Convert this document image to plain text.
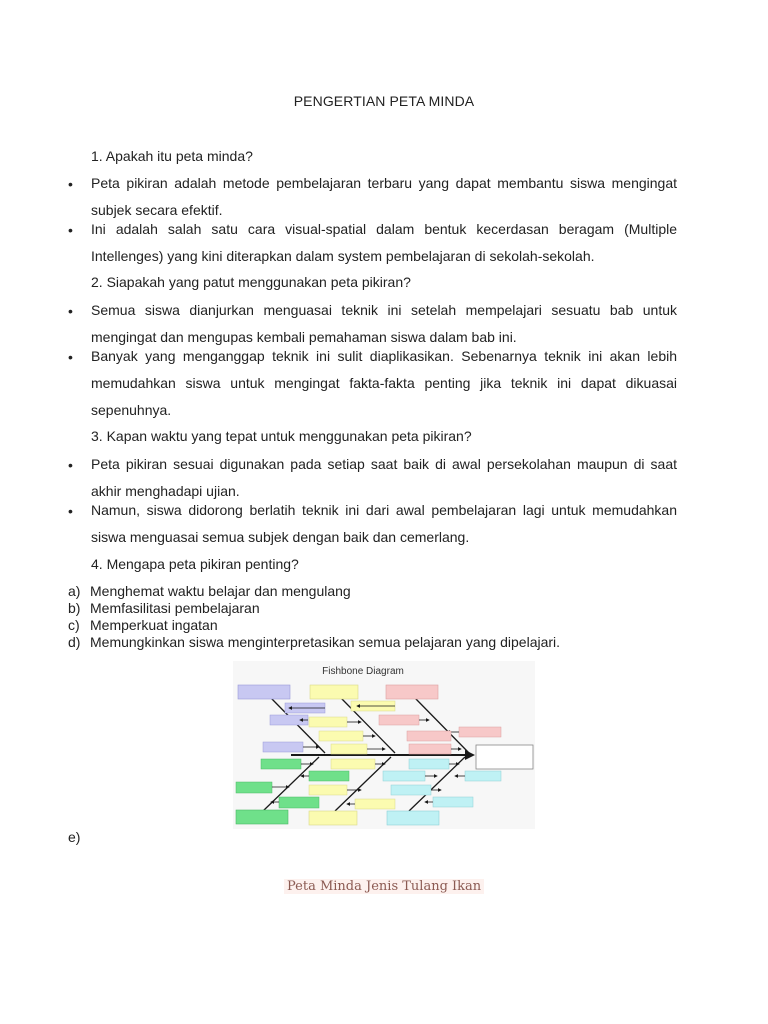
PENGERTIAN PETA MINDA
1. Apakah itu peta minda?
• Peta pikiran adalah metode pembelajaran terbaru yang dapat membantu siswa mengingat subjek secara efektif.
• Ini adalah salah satu cara visual-spatial dalam bentuk kecerdasan beragam (Multiple Intellenges) yang kini diterapkan dalam system pembelajaran di sekolah-sekolah.
2. Siapakah yang patut menggunakan peta pikiran?
• Semua siswa dianjurkan menguasai teknik ini setelah mempelajari sesuatu bab untuk mengingat dan mengupas kembali pemahaman siswa dalam bab ini.
• Banyak yang menganggap teknik ini sulit diaplikasikan. Sebenarnya teknik ini akan lebih memudahkan siswa untuk mengingat fakta-fakta penting jika teknik ini dapat dikuasai sepenuhnya.
3. Kapan waktu yang tepat untuk menggunakan peta pikiran?
• Peta pikiran sesuai digunakan pada setiap saat baik di awal persekolahan maupun di saat akhir menghadapi ujian.
• Namun, siswa didorong berlatih teknik ini dari awal pembelajaran lagi untuk memudahkan siswa menguasai semua subjek dengan baik dan cemerlang.
4. Mengapa peta pikiran penting?
a) Menghemat waktu belajar dan mengulang
b) Memfasilitasi pembelajaran
c) Memperkuat ingatan
d) Memungkinkan siswa menginterpretasikan semua pelajaran yang dipelajari.
Fishbone Diagram
e)
Peta Minda Jenis Tulang Ikan
